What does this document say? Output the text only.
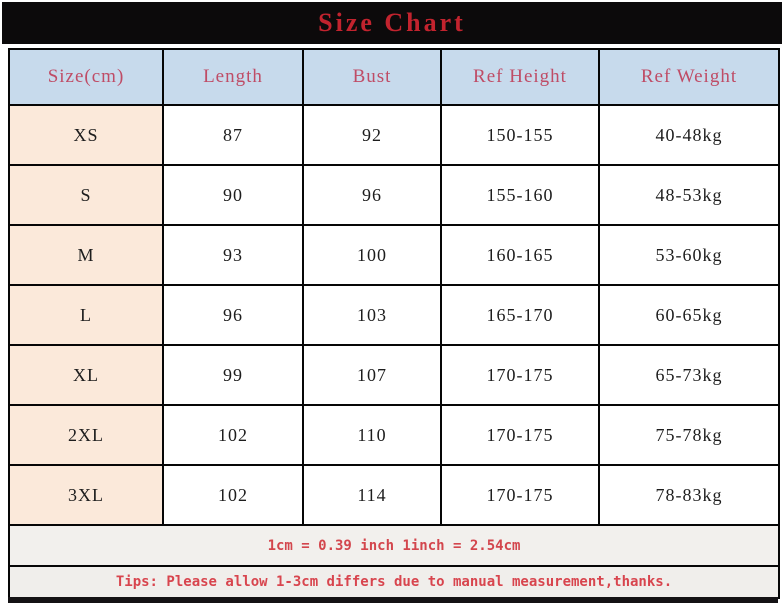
Size Chart
Size(cm)	Length	Bust	Ref Height	Ref Weight
XS	87	92	150-155	40-48kg
S	90	96	155-160	48-53kg
M	93	100	160-165	53-60kg
L	96	103	165-170	60-65kg
XL	99	107	170-175	65-73kg
2XL	102	110	170-175	75-78kg
3XL	102	114	170-175	78-83kg
1cm = 0.39 inch 1inch = 2.54cm				
Tips: Please allow 1-3cm differs due to manual measurement,thanks.				
